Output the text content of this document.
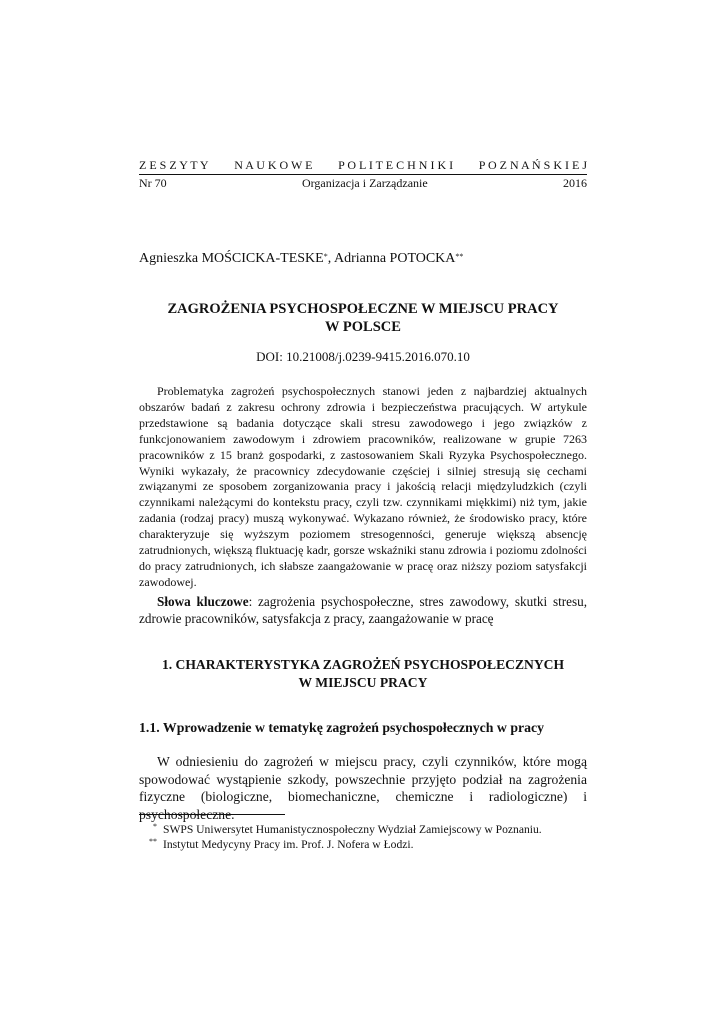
Z E S Z Y T Y N A U K O W E P O L I T E C H N I K I P O Z N A Ń S K I E J
Nr 70	Organizacja i Zarządzanie	2016
Agnieszka MOŚCICKA-TESKE*, Adrianna POTOCKA**
ZAGROŻENIA PSYCHOSPOŁECZNE W MIEJSCU PRACY
W POLSCE
DOI: 10.21008/j.0239-9415.2016.070.10

Problematyka zagrożeń psychospołecznych stanowi jeden z najbardziej aktualnych obszarów badań z zakresu ochrony zdrowia i bezpieczeństwa pracujących. W artykule przedstawione są badania dotyczące skali stresu zawodowego i jego związków z funkcjonowaniem zawodowym i zdrowiem pracowników, realizowane w grupie 7263 pracowników z 15 branż gospodarki, z zastosowaniem Skali Ryzyka Psychospołecznego. Wyniki wykazały, że pracownicy zdecydowanie częściej i silniej stresują się cechami związanymi ze sposobem zorganizowania pracy i jakością relacji międzyludzkich (czyli czynnikami należącymi do kontekstu pracy, czyli tzw. czynnikami miękkimi) niż tym, jakie zadania (rodzaj pracy) muszą wykonywać. Wykazano również, że środowisko pracy, które charakteryzuje się wyższym poziomem stresogenności, generuje większą absencję zatrudnionych, większą fluktuację kadr, gorsze wskaźniki stanu zdrowia i poziomu zdolności do pracy zatrudnionych, ich słabsze zaangażowanie w pracę oraz niższy poziom satysfakcji zawodowej.

Słowa kluczowe: zagrożenia psychospołeczne, stres zawodowy, skutki stresu, zdrowie pracowników, satysfakcja z pracy, zaangażowanie w pracę

1. CHARAKTERYSTYKA ZAGROŻEŃ PSYCHOSPOŁECZNYCH
W MIEJSCU PRACY
1.1. Wprowadzenie w tematykę zagrożeń psychospołecznych w pracy

W odniesieniu do zagrożeń w miejscu pracy, czyli czynników, które mogą spowodować wystąpienie szkody, powszechnie przyjęto podział na zagrożenia fizyczne (biologiczne, biomechaniczne, chemiczne i radiologiczne) i psychospołeczne.

* SWPS Uniwersytet Humanistycznospołeczny Wydział Zamiejscowy w Poznaniu.
** Instytut Medycyny Pracy im. Prof. J. Nofera w Łodzi.
